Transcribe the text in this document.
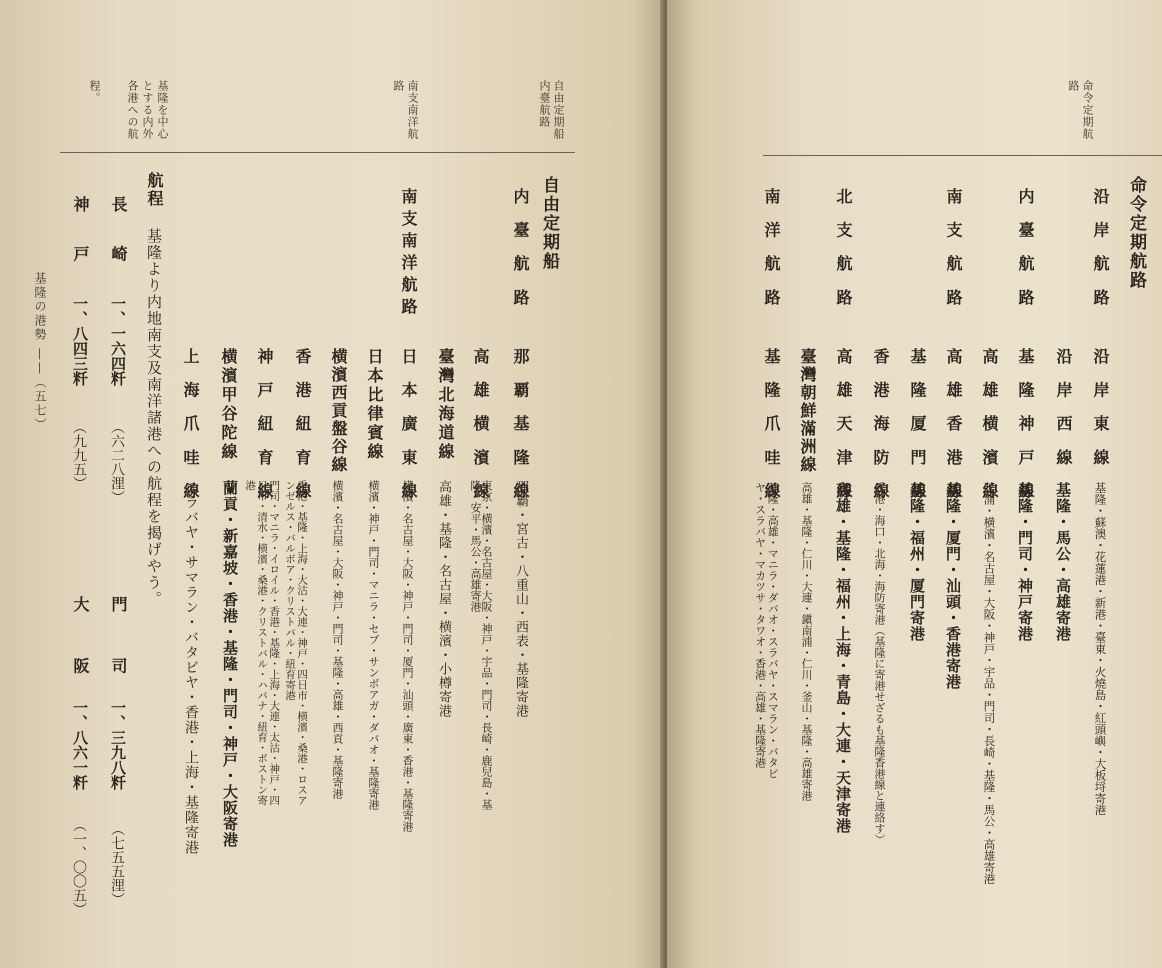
自由定期船
内臺航路
南支南洋航
路
基隆を中心
とする内外
各港への航
程。
自由定期船
内 臺 航 路
南支南洋航路
那 覇 基 隆 線
那覇・宮古・八重山・西表・基隆寄港
高 雄 横 濱 線
東京・横濱・名古屋・大阪・神戸・宇品・門司・長崎・鹿兒島・基隆・安平・馬公・高雄寄港
臺灣北海道線
高雄・基隆・名古屋・横濱・小樽寄港
日 本 廣 東 線
横濱・名古屋・大阪・神戸・門司・厦門・汕頭・廣東・香港・基隆寄港
日本比律賓線
横濱・神戸・門司・マニラ・セブ・サンボアガ・ダバオ・基隆寄港
横濱西貢盤谷線
横濱・名古屋・大阪・神戸・門司・基隆・高雄・西貢・基隆寄港
香 港 紐 育 線
香港・基隆・上海・大沽・大連・神戸・四日市・横濱・桑港・ロスアンゼルス・バルボア・クリストバル・紐育寄港
神 戸 紐 育 線
門司・マニラ・イロイル・香港・基隆・上海・大連・太沽・神戸・四日市・清水・横濱・桑港・クリストバル・ハバナ・紐育・ボストン寄港
横濱甲谷陀線
蘭貢・新嘉坡・香港・基隆・門司・神戸・大阪寄港
上 海 爪 哇 線
スラバヤ・サマラン・バタビヤ・香港・上海・基隆寄港
航程
基隆より内地南支及南洋諸港への航程を揭げやう。
長 崎
一、一六四粁
（六二八浬）
神 戸
一、八四三粁
（九九五）
門 司
一、三九八粁
（七五五浬）
大 阪
一、八六一粁
（一、〇〇五）
基隆の港勢 ——（五七）
命令定期航
路
命令定期航路
沿 岸 航 路
内 臺 航 路
南 支 航 路
北 支 航 路
南 洋 航 路
沿 岸 東 線
基隆・蘇澳・花蓮港・新港・臺東・火燒島・紅頭嶼・大板埒寄港
沿 岸 西 線
基隆・馬公・高雄寄港
基 隆 神 戸 線
基隆・門司・神戸寄港
高 雄 横 濱 線
芝浦・横濱・名古屋・大阪・神戸・宇品・門司・長崎・基隆・馬公・高雄寄港
高 雄 香 港 線
基隆・厦門・汕頭・香港寄港
基 隆 厦 門 線
基隆・福州・厦門寄港
香 港 海 防 線
香港・海口・北海・海防寄港（基隆に寄港せざるも基隆香港線と連絡す）
高 雄 天 津 線
高雄・基隆・福州・上海・青島・大連・天津寄港
臺灣朝鮮滿洲線
高雄・基隆・仁川・大連・鎭南浦・仁川・釜山・基隆・高雄寄港
基 隆 爪 哇 線
基隆・高雄・マニラ・ダバオ・スラバヤ・スマラン・バタビヤ・スラバヤ・マカツサ・タワオ・香港・高雄・基隆寄港
